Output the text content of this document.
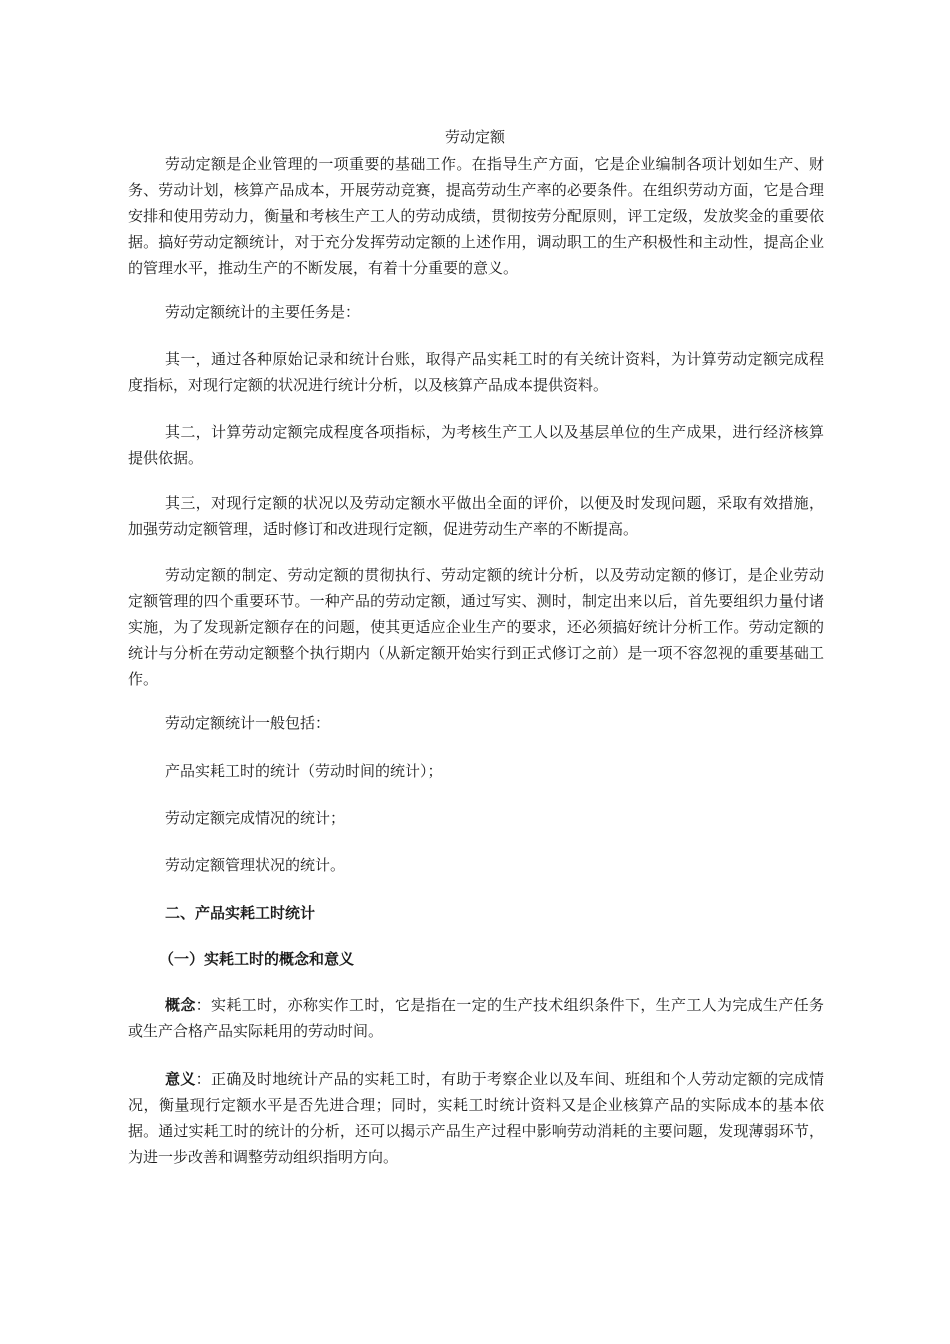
劳动定额
劳动定额是企业管理的一项重要的基础工作。在指导生产方面，它是企业编制各项计划如生产、财务、劳动计划，核算产品成本，开展劳动竞赛，提高劳动生产率的必要条件。在组织劳动方面，它是合理安排和使用劳动力，衡量和考核生产工人的劳动成绩，贯彻按劳分配原则，评工定级，发放奖金的重要依据。搞好劳动定额统计，对于充分发挥劳动定额的上述作用，调动职工的生产积极性和主动性，提高企业的管理水平，推动生产的不断发展，有着十分重要的意义。
劳动定额统计的主要任务是：
其一，通过各种原始记录和统计台账，取得产品实耗工时的有关统计资料，为计算劳动定额完成程度指标，对现行定额的状况进行统计分析，以及核算产品成本提供资料。
其二，计算劳动定额完成程度各项指标，为考核生产工人以及基层单位的生产成果，进行经济核算提供依据。
其三，对现行定额的状况以及劳动定额水平做出全面的评价，以便及时发现问题，采取有效措施，加强劳动定额管理，适时修订和改进现行定额，促进劳动生产率的不断提高。
劳动定额的制定、劳动定额的贯彻执行、劳动定额的统计分析，以及劳动定额的修订，是企业劳动定额管理的四个重要环节。一种产品的劳动定额，通过写实、测时，制定出来以后，首先要组织力量付诸实施，为了发现新定额存在的问题，使其更适应企业生产的要求，还必须搞好统计分析工作。劳动定额的统计与分析在劳动定额整个执行期内（从新定额开始实行到正式修订之前）是一项不容忽视的重要基础工作。
劳动定额统计一般包括：
产品实耗工时的统计（劳动时间的统计）；
劳动定额完成情况的统计；
劳动定额管理状况的统计。
二、产品实耗工时统计
（一）实耗工时的概念和意义
概念：实耗工时，亦称实作工时，它是指在一定的生产技术组织条件下，生产工人为完成生产任务或生产合格产品实际耗用的劳动时间。
意义：正确及时地统计产品的实耗工时，有助于考察企业以及车间、班组和个人劳动定额的完成情况，衡量现行定额水平是否先进合理；同时，实耗工时统计资料又是企业核算产品的实际成本的基本依据。通过实耗工时的统计的分析，还可以揭示产品生产过程中影响劳动消耗的主要问题，发现薄弱环节，为进一步改善和调整劳动组织指明方向。
